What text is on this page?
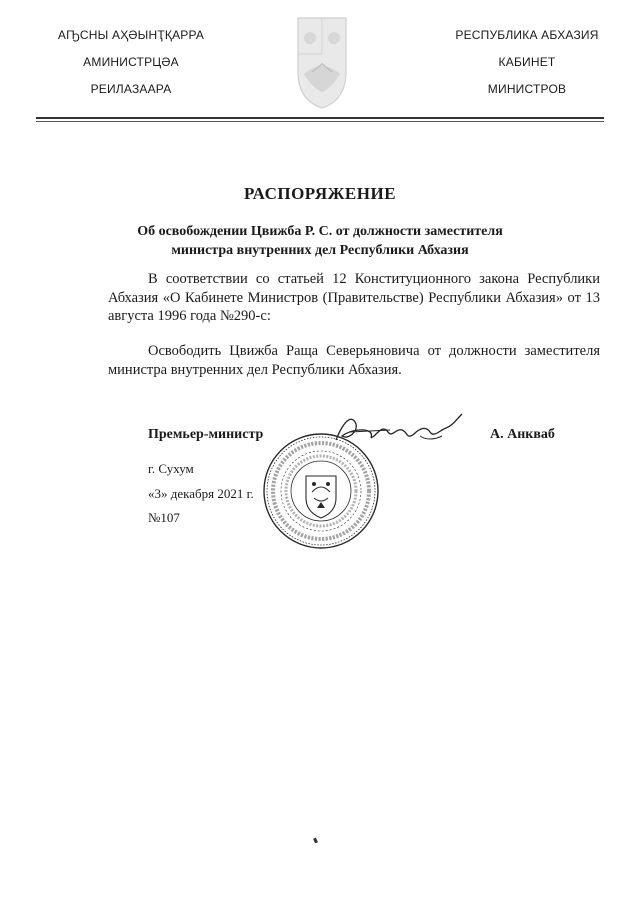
АҦСНЫ АҲӘЫНҬҚАРРА
АМИНИСТРЦӘА
РЕИЛАЗААРА
РЕСПУБЛИКА АБХАЗИЯ
КАБИНЕТ
МИНИСТРОВ
РАСПОРЯЖЕНИЕ
Об освобождении Цвижба Р. С. от должности заместителя
министра внутренних дел Республики Абхазия
В соответствии со статьей 12 Конституционного закона Республики Абхазия «О Кабинете Министров (Правительстве) Республики Абхазия» от 13 августа 1996 года №290-с:
Освободить Цвижба Раща Северьяновича от должности заместителя министра внутренних дел Республики Абхазия.
Премьер-министр	А. Анкваб
г. Сухум
«3» декабря 2021 г.
№107
